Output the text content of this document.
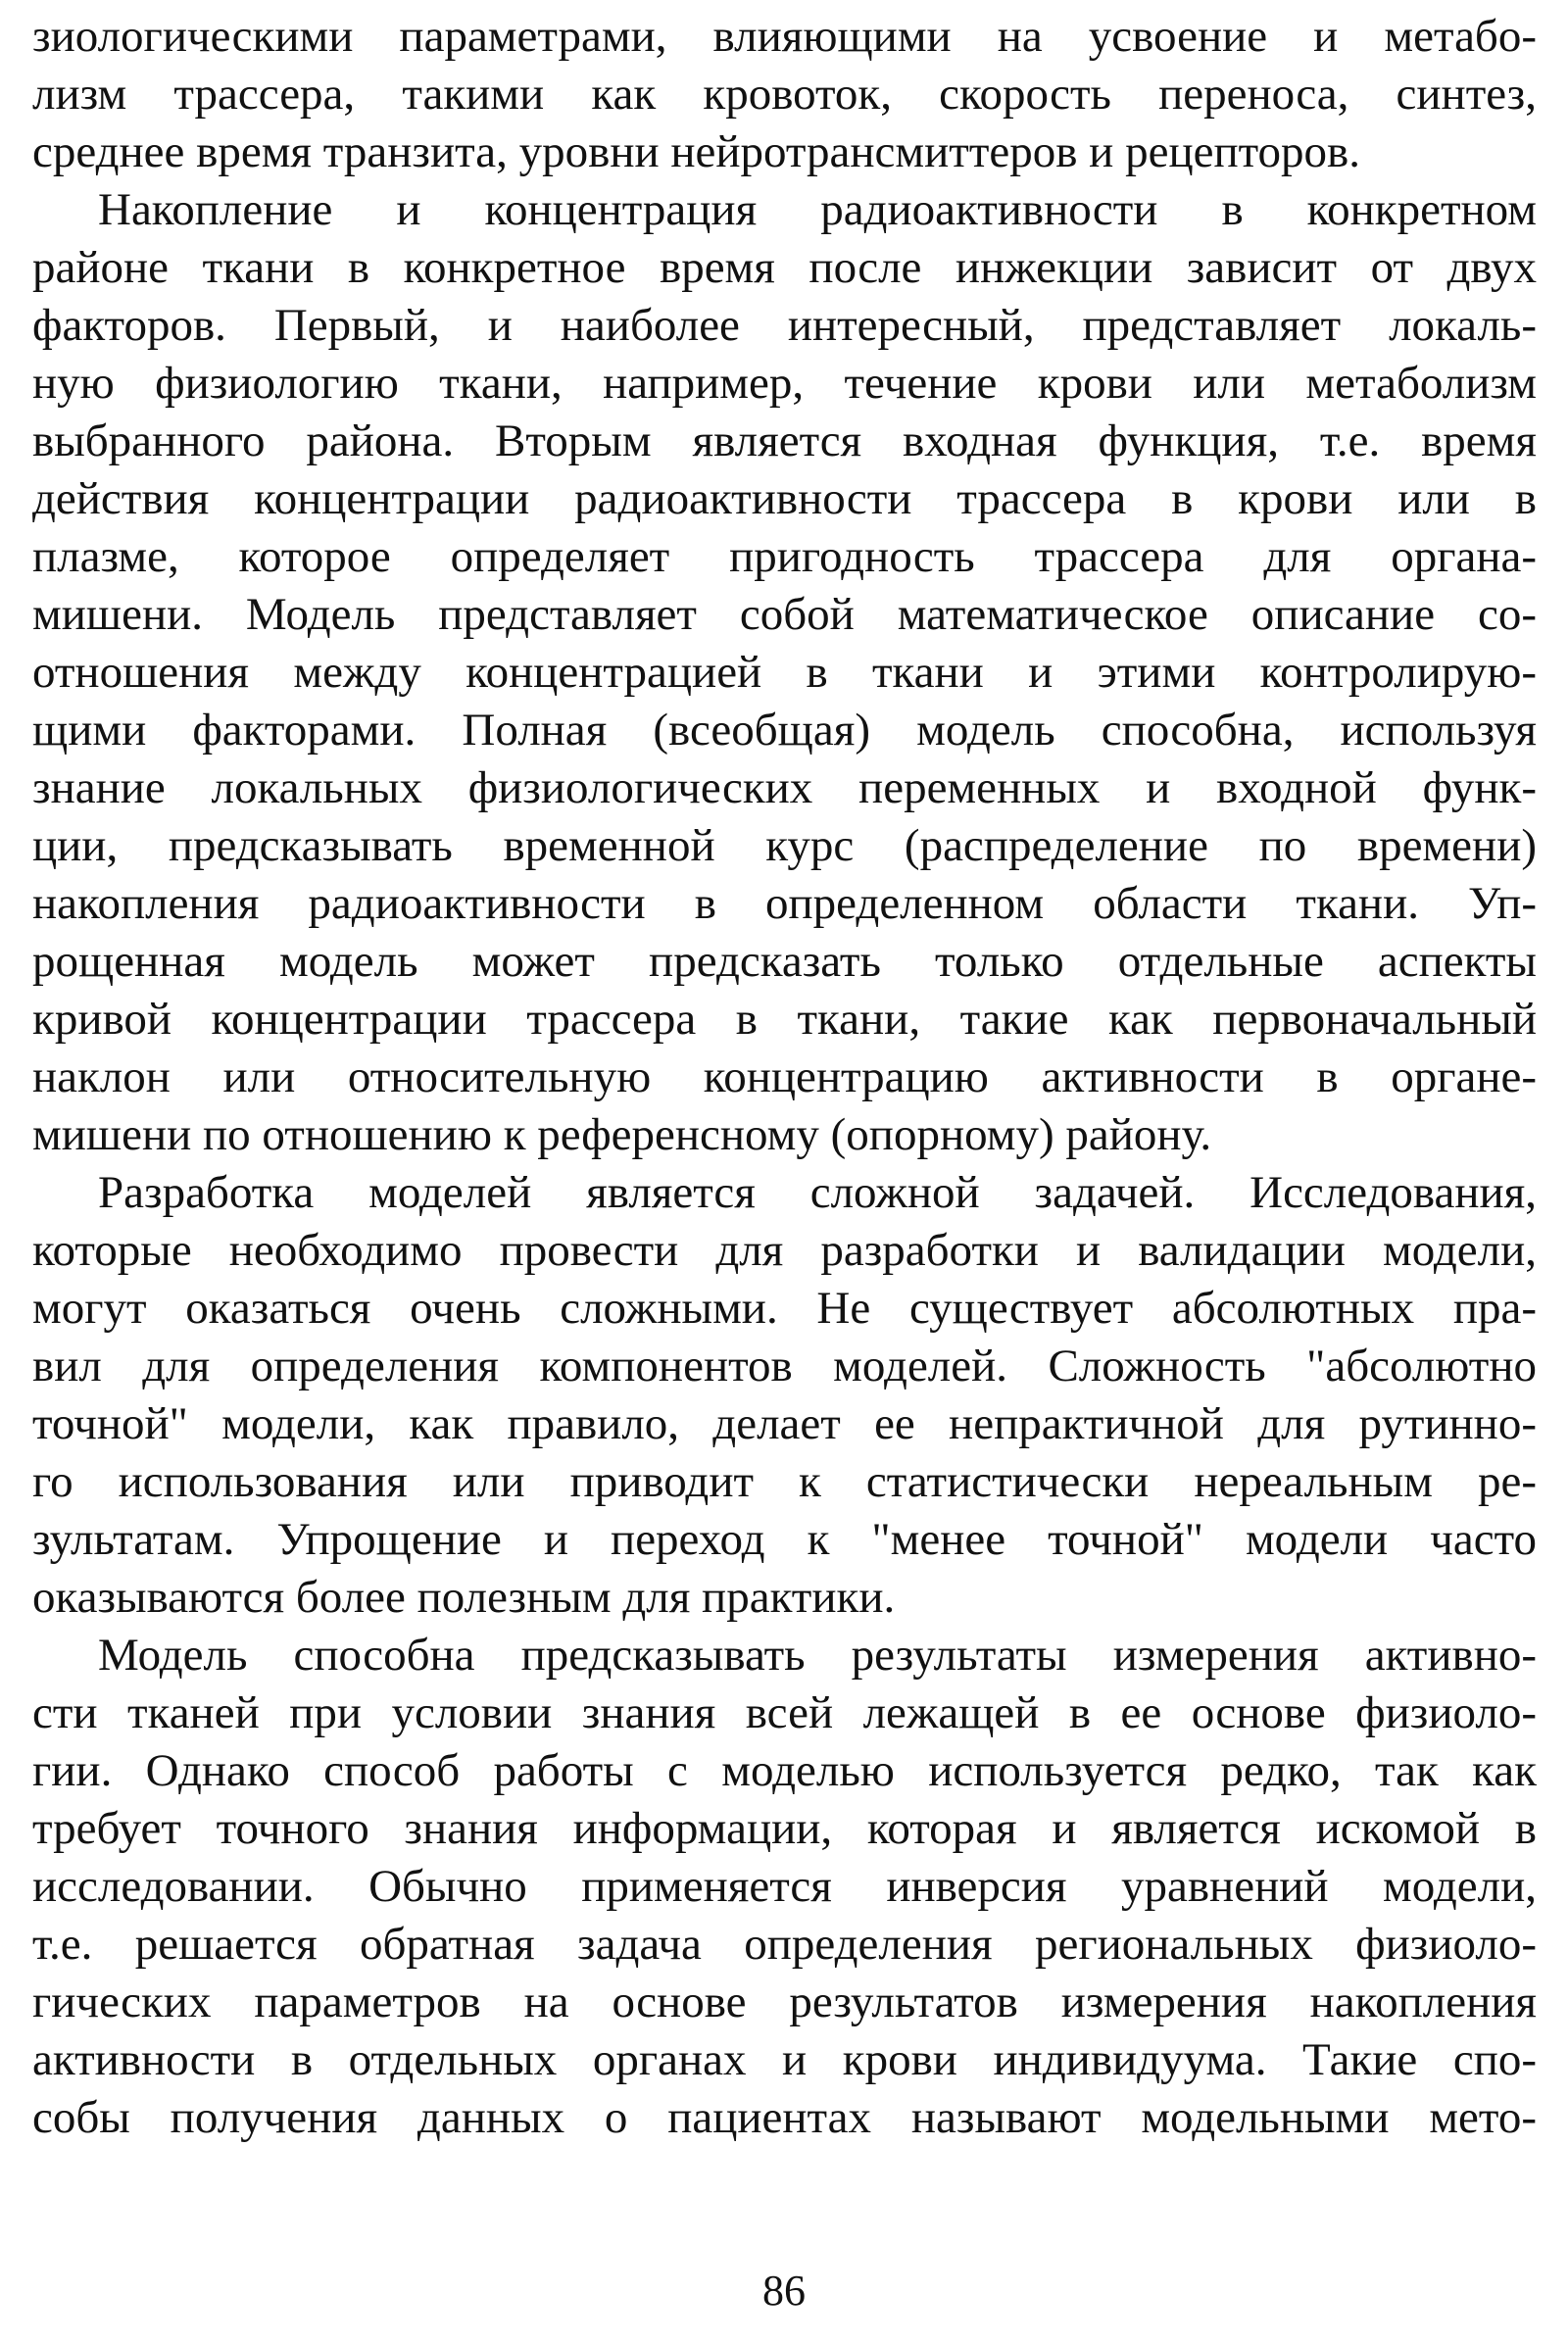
зиологическими параметрами, влияющими на усвоение и метабо-
лизм трассера, такими как кровоток, скорость переноса, синтез,
среднее время транзита, уровни нейротрансмиттеров и рецепторов.
Накопление и концентрация радиоактивности в конкретном
районе ткани в конкретное время после инжекции зависит от двух
факторов. Первый, и наиболее интересный, представляет локаль-
ную физиологию ткани, например, течение крови или метаболизм
выбранного района. Вторым является входная функция, т.е. время
действия концентрации радиоактивности трассера в крови или в
плазме, которое определяет пригодность трассера для органа-
мишени. Модель представляет собой математическое описание со-
отношения между концентрацией в ткани и этими контролирую-
щими факторами. Полная (всеобщая) модель способна, используя
знание локальных физиологических переменных и входной функ-
ции, предсказывать временной курс (распределение по времени)
накопления радиоактивности в определенном области ткани. Уп-
рощенная модель может предсказать только отдельные аспекты
кривой концентрации трассера в ткани, такие как первоначальный
наклон или относительную концентрацию активности в органе-
мишени по отношению к референсному (опорному) району.
Разработка моделей является сложной задачей. Исследования,
которые необходимо провести для разработки и валидации модели,
могут оказаться очень сложными. Не существует абсолютных пра-
вил для определения компонентов моделей. Сложность "абсолютно
точной" модели, как правило, делает ее непрактичной для рутинно-
го использования или приводит к статистически нереальным ре-
зультатам. Упрощение и переход к "менее точной" модели часто
оказываются более полезным для практики.
Модель способна предсказывать результаты измерения активно-
сти тканей при условии знания всей лежащей в ее основе физиоло-
гии. Однако способ работы с моделью используется редко, так как
требует точного знания информации, которая и является искомой в
исследовании. Обычно применяется инверсия уравнений модели,
т.е. решается обратная задача определения региональных физиоло-
гических параметров на основе результатов измерения накопления
активности в отдельных органах и крови индивидуума. Такие спо-
собы получения данных о пациентах называют модельными мето-
86
